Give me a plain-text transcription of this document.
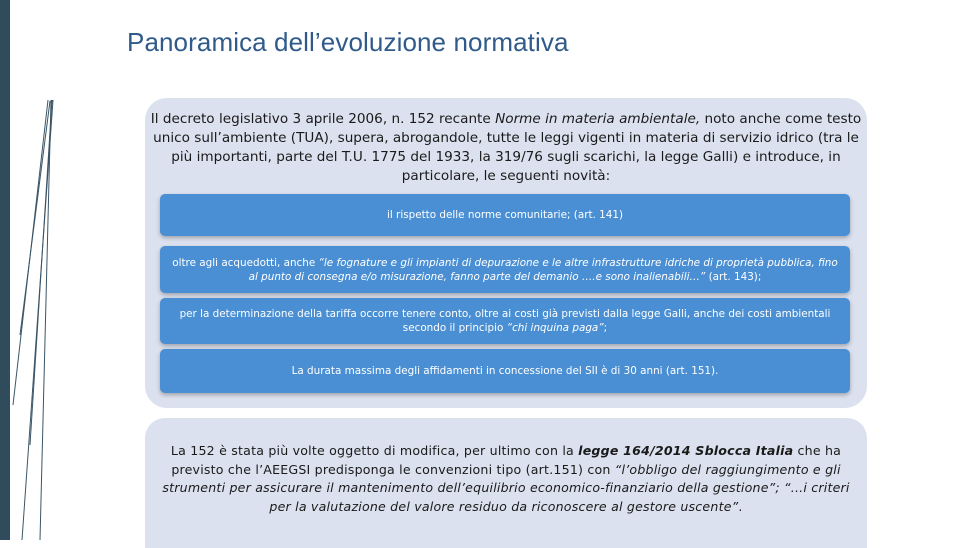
Panoramica dell’evoluzione normativa

Il decreto legislativo 3 aprile 2006, n. 152 recante Norme in materia ambientale, noto anche come testo unico sull’ambiente (TUA), supera, abrogandole, tutte le leggi vigenti in materia di servizio idrico (tra le più importanti, parte del T.U. 1775 del 1933, la 319/76 sugli scarichi, la legge Galli) e introduce, in particolare, le seguenti novità:

il rispetto delle norme comunitarie; (art. 141)
oltre agli acquedotti, anche “le fognature e gli impianti di depurazione e le altre infrastrutture idriche di proprietà pubblica, fino al punto di consegna e/o misurazione, fanno parte del demanio ….e sono inalienabili…” (art. 143);
per la determinazione della tariffa occorre tenere conto, oltre ai costi già previsti dalla legge Galli, anche dei costi ambientali secondo il principio “chi inquina paga”;
La durata massima degli affidamenti in concessione del SII è di 30 anni (art. 151).

La 152 è stata più volte oggetto di modifica, per ultimo con la legge 164/2014 Sblocca Italia che ha previsto che l’AEEGSI predisponga le convenzioni tipo (art.151) con “l’obbligo del raggiungimento e gli strumenti per assicurare il mantenimento dell’equilibrio economico-finanziario della gestione”; “...i criteri per la valutazione del valore residuo da riconoscere al gestore uscente”.
